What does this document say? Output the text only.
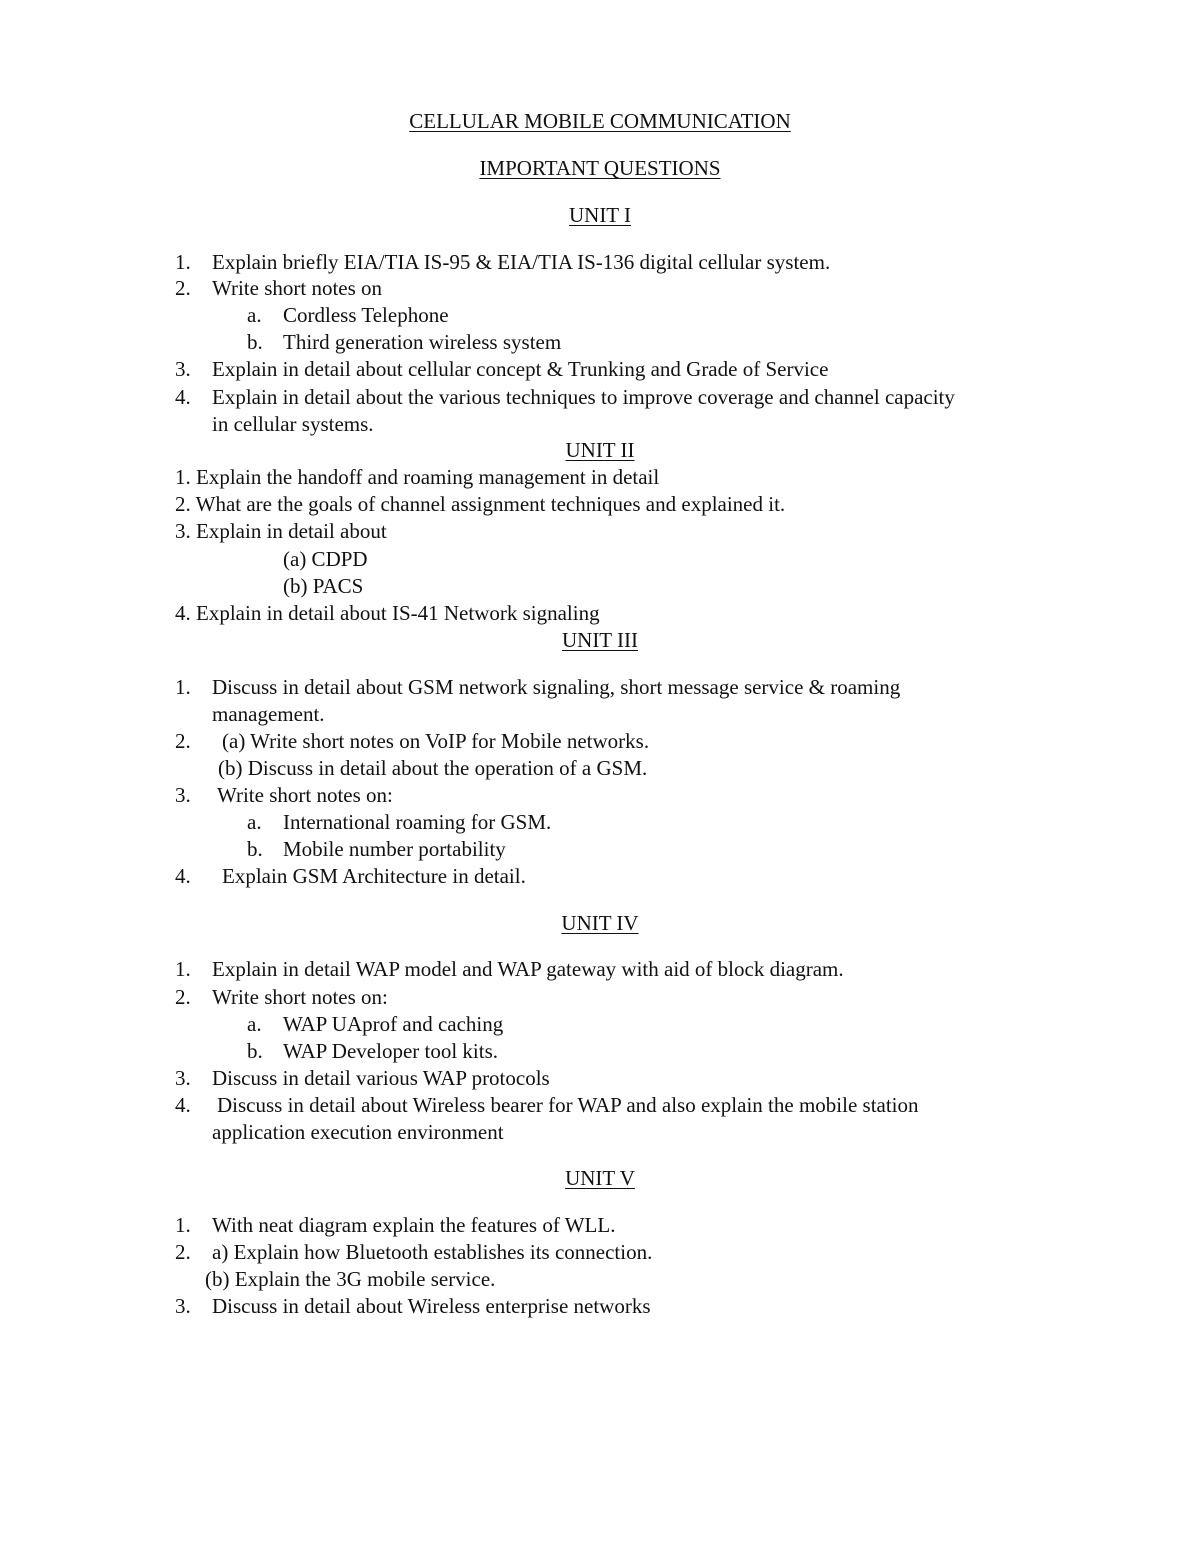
CELLULAR MOBILE COMMUNICATION
IMPORTANT QUESTIONS
UNIT I
1. Explain briefly EIA/TIA IS-95 & EIA/TIA IS-136 digital cellular system.
2. Write short notes on
a. Cordless Telephone
b. Third generation wireless system
3. Explain in detail about cellular concept & Trunking and Grade of Service
4. Explain in detail about the various techniques to improve coverage and channel capacity
in cellular systems.
UNIT II
1. Explain the handoff and roaming management in detail
2. What are the goals of channel assignment techniques and explained it.
3. Explain in detail about
(a) CDPD
(b) PACS
4. Explain in detail about IS-41 Network signaling
UNIT III
1. Discuss in detail about GSM network signaling, short message service & roaming
management.
2. (a) Write short notes on VoIP for Mobile networks.
(b) Discuss in detail about the operation of a GSM.
3. Write short notes on:
a. International roaming for GSM.
b. Mobile number portability
4. Explain GSM Architecture in detail.
UNIT IV
1. Explain in detail WAP model and WAP gateway with aid of block diagram.
2. Write short notes on:
a. WAP UAprof and caching
b. WAP Developer tool kits.
3. Discuss in detail various WAP protocols
4. Discuss in detail about Wireless bearer for WAP and also explain the mobile station
application execution environment
UNIT V
1. With neat diagram explain the features of WLL.
2. a) Explain how Bluetooth establishes its connection.
(b) Explain the 3G mobile service.
3. Discuss in detail about Wireless enterprise networks
